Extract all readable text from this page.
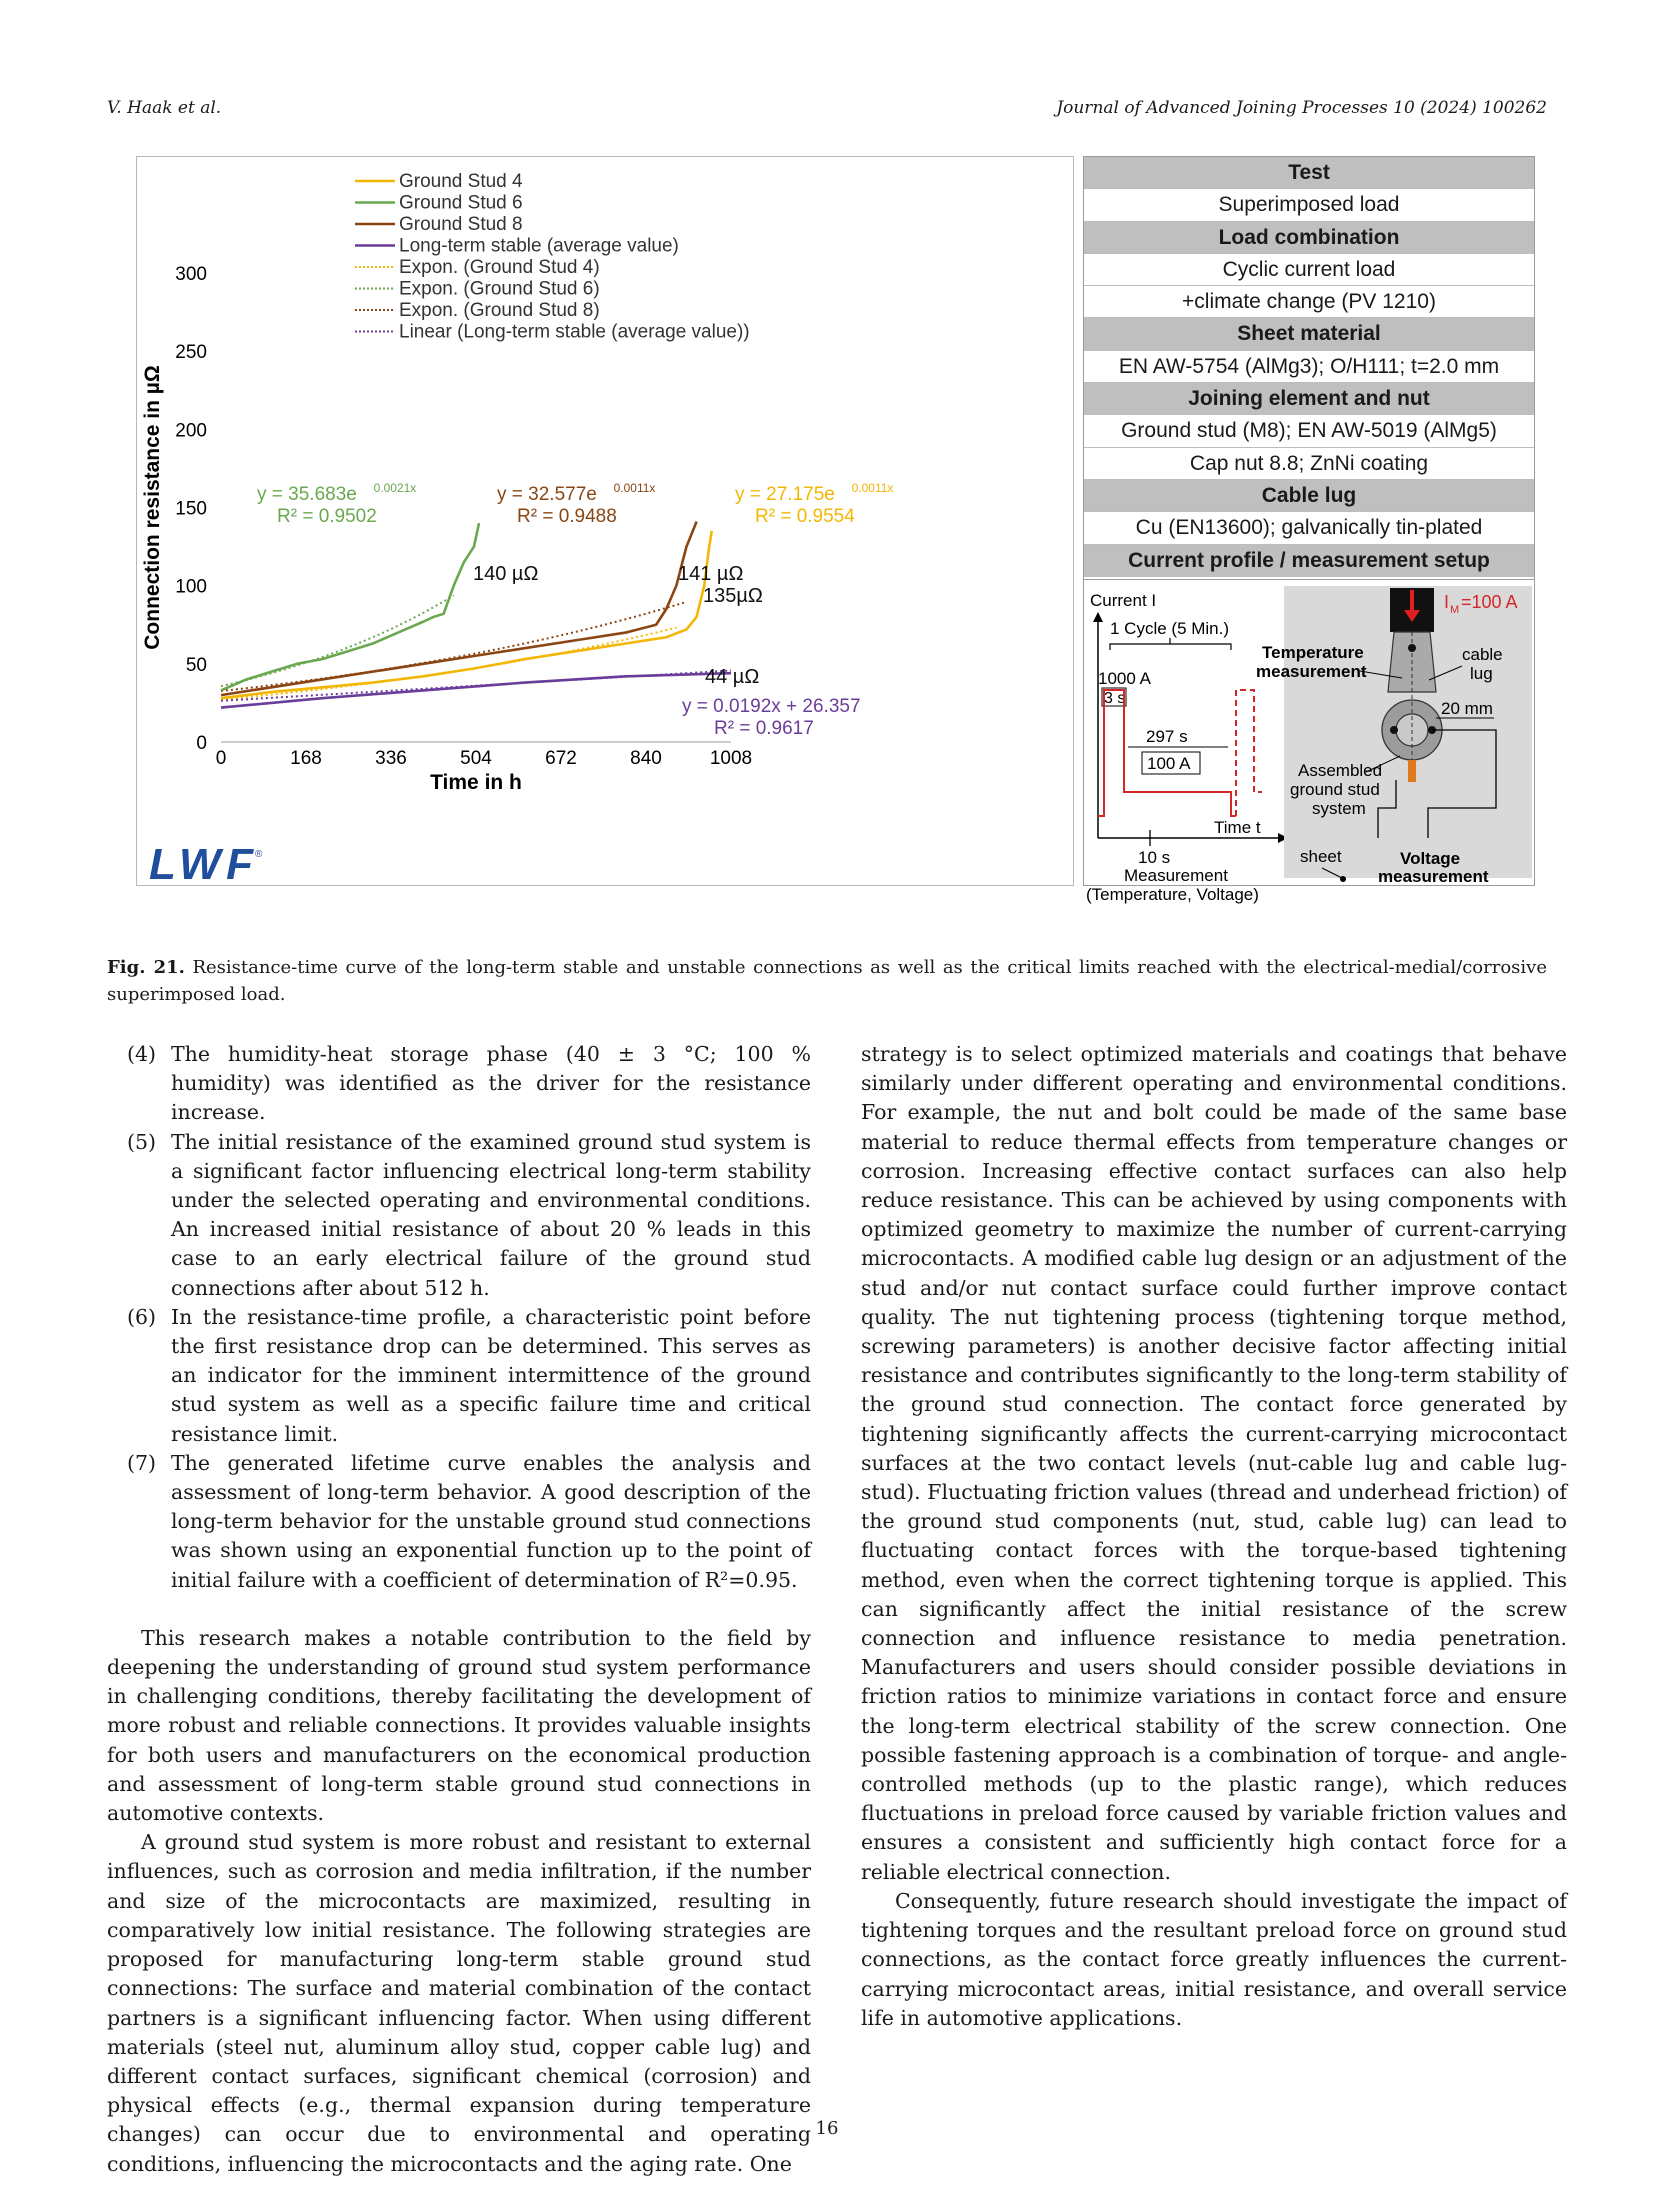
V. Haak et al.	Journal of Advanced Joining Processes 10 (2024) 100262
Ground Stud 4
Ground Stud 6
Ground Stud 8
Long-term stable (average value)
Expon. (Ground Stud 4)
Expon. (Ground Stud 6)
Expon. (Ground Stud 8)
Linear (Long-term stable (average value))
0	168	336	504	672	840	1008
0
50
100
150
200
250
300
y = 35.683e 0.0021x
R² = 0.9502
y = 32.577e 0.0011x
R² = 0.9488
y = 27.175e 0.0011x
R² = 0.9554
y = 0.0192x + 26.357
R² = 0.9617
140 µΩ	141 µΩ
135µΩ
44 µΩ
Time in h
Connection resistance in µΩ
LWF ®
Test
Superimposed load
Load combination
Cyclic current load
+climate change (PV 1210)
Sheet material
EN AW-5754 (AlMg3); O/H111; t=2.0 mm
Joining element and nut
Ground stud (M8); EN AW-5019 (AlMg5)
Cap nut 8.8; ZnNi coating
Cable lug
Cu (EN13600); galvanically tin-plated
Current profile / measurement setup
Current I
1 Cycle (5 Min.)
1000 A
3 s
297 s
100 A
Time t
10 s
Measurement
(Temperature, Voltage)
I M =100 A
Temperature
measurement
cable
lug
20 mm
Assembled
ground stud
system
sheet	Voltage
measurement
Fig. 21. Resistance-time curve of the long-term stable and unstable connections as well as the critical limits reached with the electrical-medial/corrosive superimposed load.

(4) The humidity-heat storage phase (40 ± 3 °C; 100 % humidity) was identified as the driver for the resistance increase.

(5) The initial resistance of the examined ground stud system is a significant factor influencing electrical long-term stability under the selected operating and environmental conditions. An increased initial resistance of about 20 % leads in this case to an early electrical failure of the ground stud connections after about 512 h.

(6) In the resistance-time profile, a characteristic point before the first resistance drop can be determined. This serves as an indicator for the imminent intermittence of the ground stud system as well as a specific failure time and critical resistance limit.

(7) The generated lifetime curve enables the analysis and assessment of long-term behavior. A good description of the long-term behavior for the unstable ground stud connections was shown using an exponential function up to the point of initial failure with a coefficient of determination of R²=0.95.

This research makes a notable contribution to the field by deepening the understanding of ground stud system performance in challenging conditions, thereby facilitating the development of more robust and reliable connections. It provides valuable insights for both users and manufacturers on the economical production and assessment of long-term stable ground stud connections in automotive contexts.

A ground stud system is more robust and resistant to external influences, such as corrosion and media infiltration, if the number and size of the microcontacts are maximized, resulting in comparatively low initial resistance. The following strategies are proposed for manufacturing long-term stable ground stud connections: The surface and material combination of the contact partners is a significant influencing factor. When using different materials (steel nut, aluminum alloy stud, copper cable lug) and different contact surfaces, significant chemical (corrosion) and physical effects (e.g., thermal expansion during temperature changes) can occur due to environmental and operating conditions, influencing the microcontacts and the aging rate. One

strategy is to select optimized materials and coatings that behave similarly under different operating and environmental conditions. For example, the nut and bolt could be made of the same base material to reduce thermal effects from temperature changes or corrosion. Increasing effective contact surfaces can also help reduce resistance. This can be achieved by using components with optimized geometry to maximize the number of current-carrying microcontacts. A modified cable lug design or an adjustment of the stud and/or nut contact surface could further improve contact quality. The nut tightening process (tightening torque method, screwing parameters) is another decisive factor affecting initial resistance and contributes significantly to the long-term stability of the ground stud connection. The contact force generated by tightening significantly affects the current-carrying microcontact surfaces at the two contact levels (nut-cable lug and cable lug-stud). Fluctuating friction values (thread and underhead friction) of the ground stud components (nut, stud, cable lug) can lead to fluctuating contact forces with the torque-based tightening method, even when the correct tightening torque is applied. This can significantly affect the initial resistance of the screw connection and influence resistance to media penetration. Manufacturers and users should consider possible deviations in friction ratios to minimize variations in contact force and ensure the long-term electrical stability of the screw connection. One possible fastening approach is a combination of torque- and angle-controlled methods (up to the plastic range), which reduces fluctuations in preload force caused by variable friction values and ensures a consistent and sufficiently high contact force for a reliable electrical connection.

Consequently, future research should investigate the impact of tightening torques and the resultant preload force on ground stud connections, as the contact force greatly influences the current-carrying microcontact areas, initial resistance, and overall service life in automotive applications.

16
